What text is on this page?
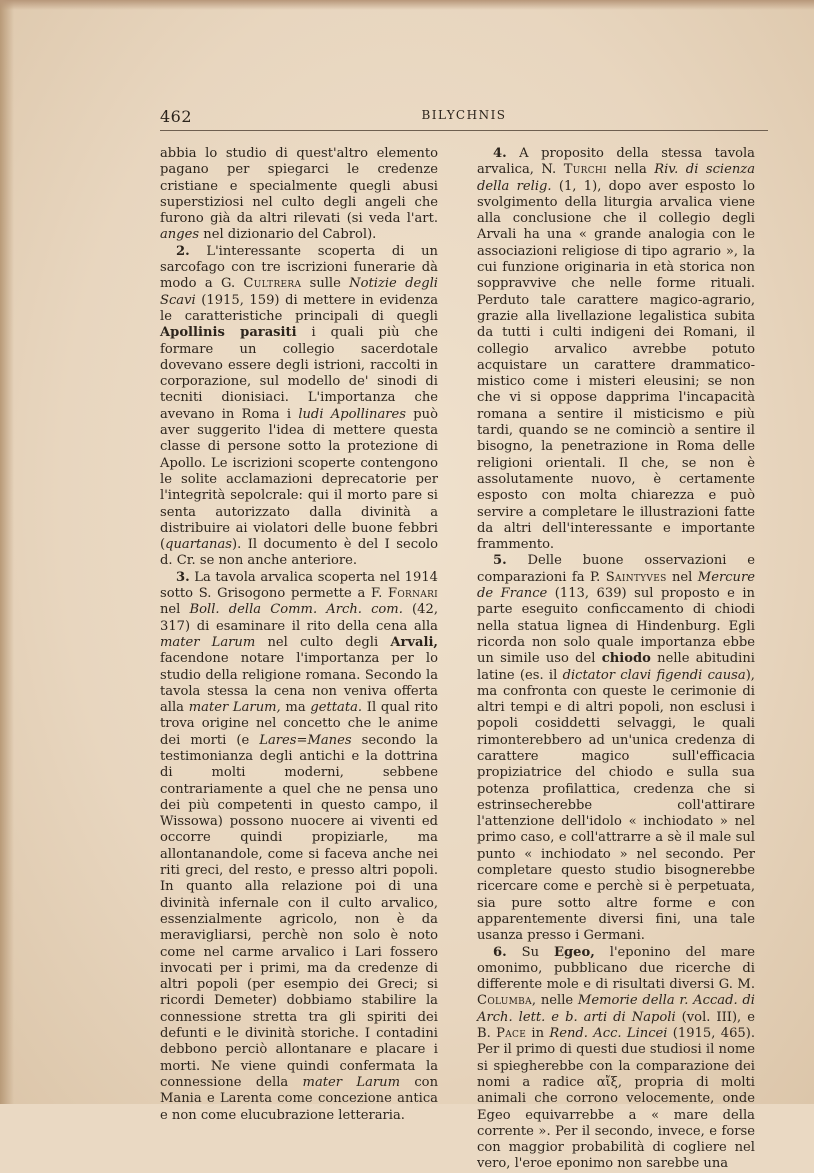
462	BILYCHNIS

abbia lo studio di quest'altro elemento pagano per spiegarci le credenze cristiane e specialmente quegli abusi superstiziosi nel culto degli angeli che furono già da altri rilevati (si veda l'art. anges nel dizionario del Cabrol).

2. L'interessante scoperta di un sarcofago con tre iscrizioni funerarie dà modo a G. Cultrera sulle Notizie degli Scavi (1915, 159) di mettere in evidenza le caratteristiche principali di quegli Apollinis parasiti i quali più che formare un collegio sacerdotale dovevano essere degli istrioni, raccolti in corporazione, sul modello de' sinodi di tecniti dionisiaci. L'importanza che avevano in Roma i ludi Apollinares può aver suggerito l'idea di mettere questa classe di persone sotto la protezione di Apollo. Le iscrizioni scoperte contengono le solite acclamazioni deprecatorie per l'integrità sepolcrale: qui il morto pare si senta autorizzato dalla divinità a distribuire ai violatori delle buone febbri (quartanas). Il documento è del I secolo d. Cr. se non anche anteriore.

3. La tavola arvalica scoperta nel 1914 sotto S. Grisogono permette a F. Fornari nel Boll. della Comm. Arch. com. (42, 317) di esaminare il rito della cena alla mater Larum nel culto degli Arvali, facendone notare l'importanza per lo studio della religione romana. Secondo la tavola stessa la cena non veniva offerta alla mater Larum, ma gettata. Il qual rito trova origine nel concetto che le anime dei morti (e Lares=Manes secondo la testimonianza degli antichi e la dottrina di molti moderni, sebbene contrariamente a quel che ne pensa uno dei più competenti in questo campo, il Wissowa) possono nuocere ai viventi ed occorre quindi propiziarle, ma allontanandole, come si faceva anche nei riti greci, del resto, e presso altri popoli. In quanto alla relazione poi di una divinità infernale con il culto arvalico, essenzialmente agricolo, non è da meravigliarsi, perchè non solo è noto come nel carme arvalico i Lari fossero invocati per i primi, ma da credenze di altri popoli (per esempio dei Greci; si ricordi Demeter) dobbiamo stabilire la connessione stretta tra gli spiriti dei defunti e le divinità storiche. I contadini debbono perciò allontanare e placare i morti. Ne viene quindi confermata la connessione della mater Larum con Mania e Larenta come concezione antica e non come elucubrazione letteraria.

4. A proposito della stessa tavola arvalica, N. Turchi nella Riv. di scienza della relig. (1, 1), dopo aver esposto lo svolgimento della liturgia arvalica viene alla conclusione che il collegio degli Arvali ha una « grande analogia con le associazioni religiose di tipo agrario », la cui funzione originaria in età storica non soppravvive che nelle forme rituali. Perduto tale carattere magico-agrario, grazie alla livellazione legalistica subita da tutti i culti indigeni dei Romani, il collegio arvalico avrebbe potuto acquistare un carattere drammatico-mistico come i misteri eleusini; se non che vi si oppose dapprima l'incapacità romana a sentire il misticismo e più tardi, quando se ne cominciò a sentire il bisogno, la penetrazione in Roma delle religioni orientali. Il che, se non è assolutamente nuovo, è certamente esposto con molta chiarezza e può servire a completare le illustrazioni fatte da altri dell'interessante e importante frammento.

5. Delle buone osservazioni e comparazioni fa P. Saintyves nel Mercure de France (113, 639) sul proposto e in parte eseguito conficcamento di chiodi nella statua lignea di Hindenburg. Egli ricorda non solo quale importanza ebbe un simile uso del chiodo nelle abitudini latine (es. il dictator clavi figendi causa), ma confronta con queste le cerimonie di altri tempi e di altri popoli, non esclusi i popoli cosiddetti selvaggi, le quali rimonterebbero ad un'unica credenza di carattere magico sull'efficacia propiziatrice del chiodo e sulla sua potenza profilattica, credenza che si estrinsecherebbe coll'attirare l'attenzione dell'idolo « inchiodato » nel primo caso, e coll'attrarre a sè il male sul punto « inchiodato » nel secondo. Per completare questo studio bisognerebbe ricercare come e perchè si è perpetuata, sia pure sotto altre forme e con apparentemente diversi fini, una tale usanza presso i Germani.

6. Su Egeo, l'eponino del mare omonimo, pubblicano due ricerche di differente mole e di risultati diversi G. M. Columba, nelle Memorie della r. Accad. di Arch. lett. e b. arti di Napoli (vol. III), e B. Pace in Rend. Acc. Lincei (1915, 465). Per il primo di questi due studiosi il nome si spiegherebbe con la comparazione dei nomi a radice αἴξ, propria di molti animali che corrono velocemente, onde Egeo equivarrebbe a « mare della corrente ». Per il secondo, invece, e forse con maggior probabilità di cogliere nel vero, l'eroe eponimo non sarebbe una
